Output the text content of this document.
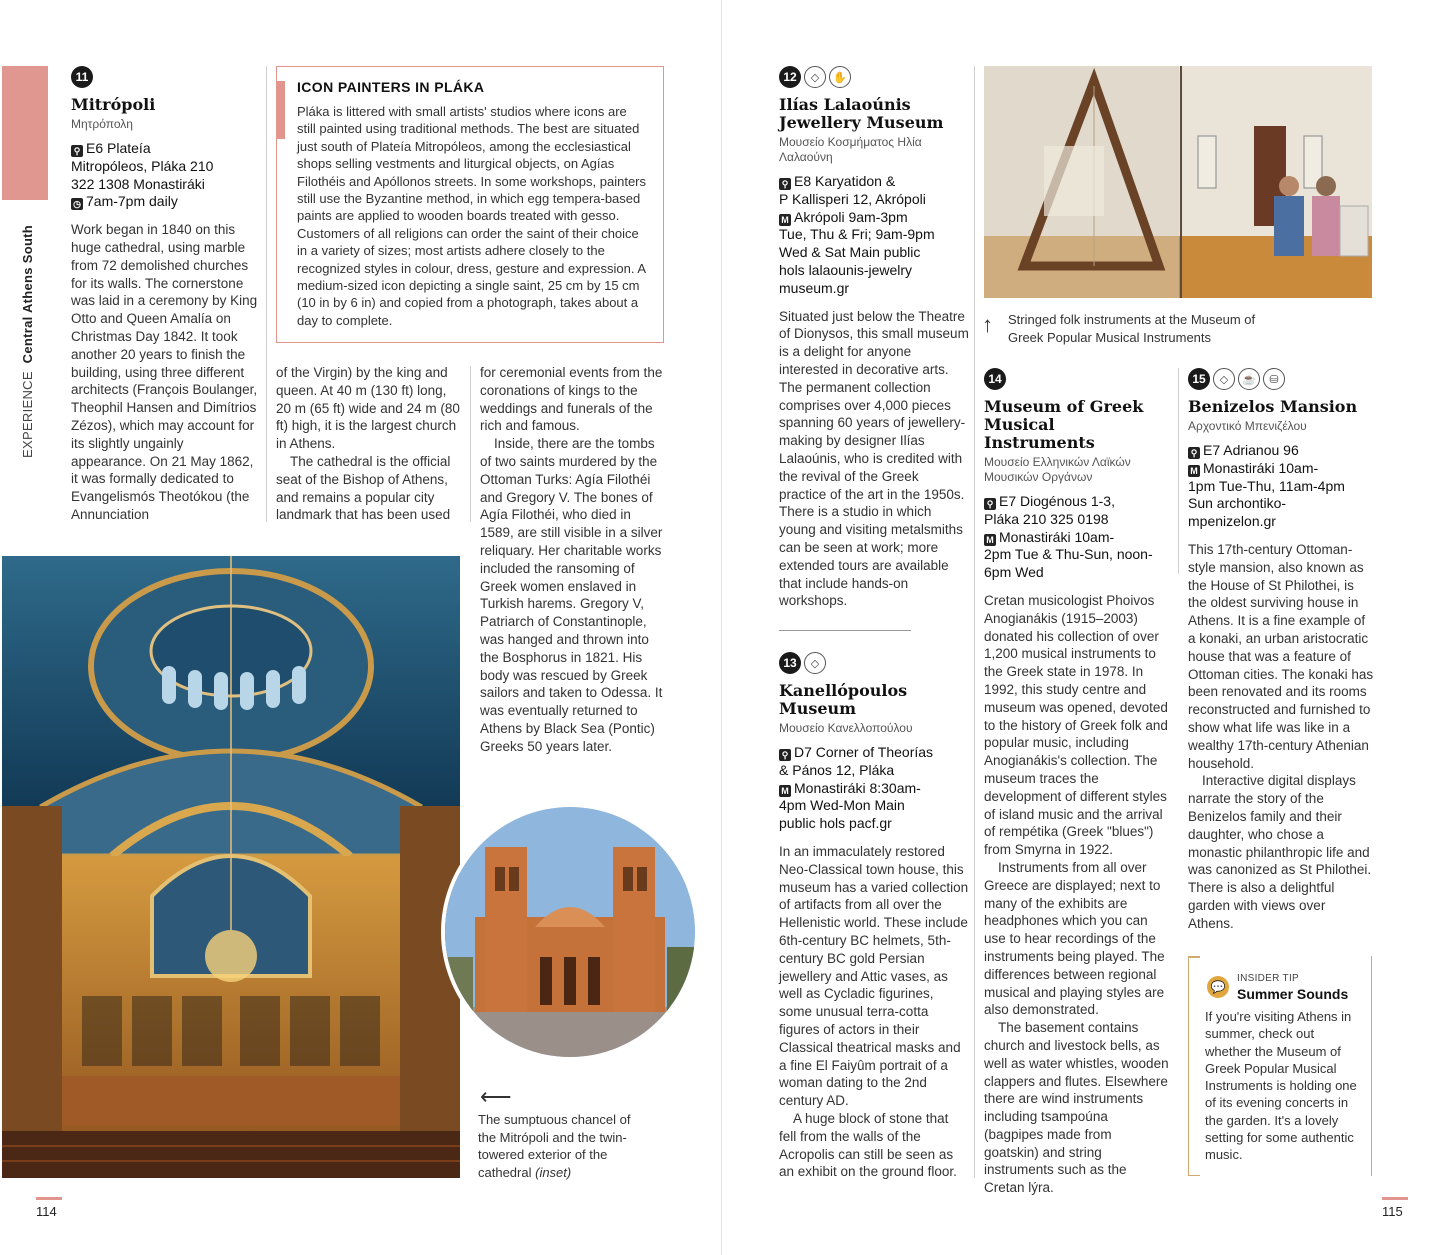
EXPERIENCE  Central Athens South
11
Mitrópoli
Μητρόπολη
⚲ E6 Plateía
Mitropóleos, Pláka 210
322 1308 Monastiráki
◷ 7am-7pm daily

Work began in 1840 on this huge cathedral, using marble from 72 demolished churches for its walls. The cornerstone was laid in a ceremony by King Otto and Queen Amalía on Christmas Day 1842. It took another 20 years to finish the building, using three different architects (François Boulanger, Theophil Hansen and Dimítrios Zézos), which may account for its slightly ungainly appearance. On 21 May 1862, it was formally dedicated to Evangelismós Theotókou (the Annunciation

of the Virgin) by the king and queen. At 40 m (130 ft) long, 20 m (65 ft) wide and 24 m (80 ft) high, it is the largest church in Athens.

The cathedral is the official seat of the Bishop of Athens, and remains a popular city landmark that has been used

for ceremonial events from the coronations of kings to the weddings and funerals of the rich and famous.

Inside, there are the tombs of two saints murdered by the Ottoman Turks: Agía Filothéi and Gregory V. The bones of Agía Filothéi, who died in 1589, are still visible in a silver reliquary. Her charitable works included the ransoming of Greek women enslaved in Turkish harems. Gregory V, Patriarch of Constantinople, was hanged and thrown into the Bosphorus in 1821. His body was rescued by Greek sailors and taken to Odessa. It was eventually returned to Athens by Black Sea (Pontic) Greeks 50 years later.

ICON PAINTERS IN PLÁKA
Pláka is littered with small artists' studios where icons are still painted using traditional methods. The best are situated just south of Plateía Mitropóleos, among the ecclesiastical shops selling vestments and liturgical objects, on Agías Filothéis and Apóllonos streets. In some workshops, painters still use the Byzantine method, in which egg tempera-based paints are applied to wooden boards treated with gesso. Customers of all religions can order the saint of their choice in a variety of sizes; most artists adhere closely to the recognized styles in colour, dress, gesture and expression. A medium-sized icon depicting a single saint, 25 cm by 15 cm (10 in by 6 in) and copied from a photograph, takes about a day to complete.
⟵
The sumptuous chancel of the Mitrópoli and the twin-towered exterior of the cathedral (inset)
114
12 ◇ ✋
Ilías Lalaoúnis
Jewellery Museum
Μουσείο Κοσμήματος Ηλία Λαλαούνη
⚲ E8 Karyatidon &
P Kallisperi 12, Akrópoli
M Akrópoli 9am-3pm
Tue, Thu & Fri; 9am-9pm
Wed & Sat Main public
hols lalaounis-jewelry
museum.gr
Situated just below the Theatre of Dionysos, this small museum is a delight for anyone interested in decorative arts. The permanent collection comprises over 4,000 pieces spanning 60 years of jewellery-making by designer Ilías Lalaoúnis, who is credited with the revival of the Greek practice of the art in the 1950s. There is a studio in which young and visiting metalsmiths can be seen at work; more extended tours are available that include hands-on workshops.
13 ◇
Kanellópoulos Museum
Μουσείο Κανελλοπούλου
⚲ D7 Corner of Theorías
& Pános 12, Pláka
M Monastiráki 8:30am-
4pm Wed-Mon Main
public hols pacf.gr

In an immaculately restored Neo-Classical town house, this museum has a varied collection of artifacts from all over the Hellenistic world. These include 6th-century BC helmets, 5th-century BC gold Persian jewellery and Attic vases, as well as Cycladic figurines, some unusual terra-cotta figures of actors in their Classical theatrical masks and a fine El Faiyûm portrait of a woman dating to the 2nd century AD.

A huge block of stone that fell from the walls of the Acropolis can still be seen as an exhibit on the ground floor.

↑ Stringed folk instruments at the Museum of Greek Popular Musical Instruments
14
Museum of Greek Musical Instruments
Μουσείο Ελληνικών Λαϊκών Μουσικών Οργάνων
⚲ E7 Diogénous 1-3,
Pláka 210 325 0198
M Monastiráki 10am-
2pm Tue & Thu-Sun, noon-
6pm Wed

Cretan musicologist Phoivos Anogianákis (1915–2003) donated his collection of over 1,200 musical instruments to the Greek state in 1978. In 1992, this study centre and museum was opened, devoted to the history of Greek folk and popular music, including Anogianákis's collection. The museum traces the development of different styles of island music and the arrival of rempétika (Greek "blues") from Smyrna in 1922.

Instruments from all over Greece are displayed; next to many of the exhibits are headphones which you can use to hear recordings of the instruments being played. The differences between regional musical and playing styles are also demonstrated.

The basement contains church and livestock bells, as well as water whistles, wooden clappers and flutes. Elsewhere there are wind instruments including tsampoúna (bagpipes made from goatskin) and string instruments such as the Cretan lýra.

15 ◇ ☕ ⛁
Benizelos Mansion
Αρχοντικό Μπενιζέλου
⚲ E7 Adrianou 96
M Monastiráki 10am-
1pm Tue-Thu, 11am-4pm
Sun archontiko-
mpenizelon.gr

This 17th-century Ottoman-style mansion, also known as the House of St Philothei, is the oldest surviving house in Athens. It is a fine example of a konaki, an urban aristocratic house that was a feature of Ottoman cities. The konaki has been renovated and its rooms reconstructed and furnished to show what life was like in a wealthy 17th-century Athenian household.

Interactive digital displays narrate the story of the Benizelos family and their daughter, who chose a monastic philanthropic life and was canonized as St Philothei. There is also a delightful garden with views over Athens.

💬
INSIDER TIP
Summer Sounds
If you're visiting Athens in summer, check out whether the Museum of Greek Popular Musical Instruments is holding one of its evening concerts in the garden. It's a lovely setting for some authentic music.
115
